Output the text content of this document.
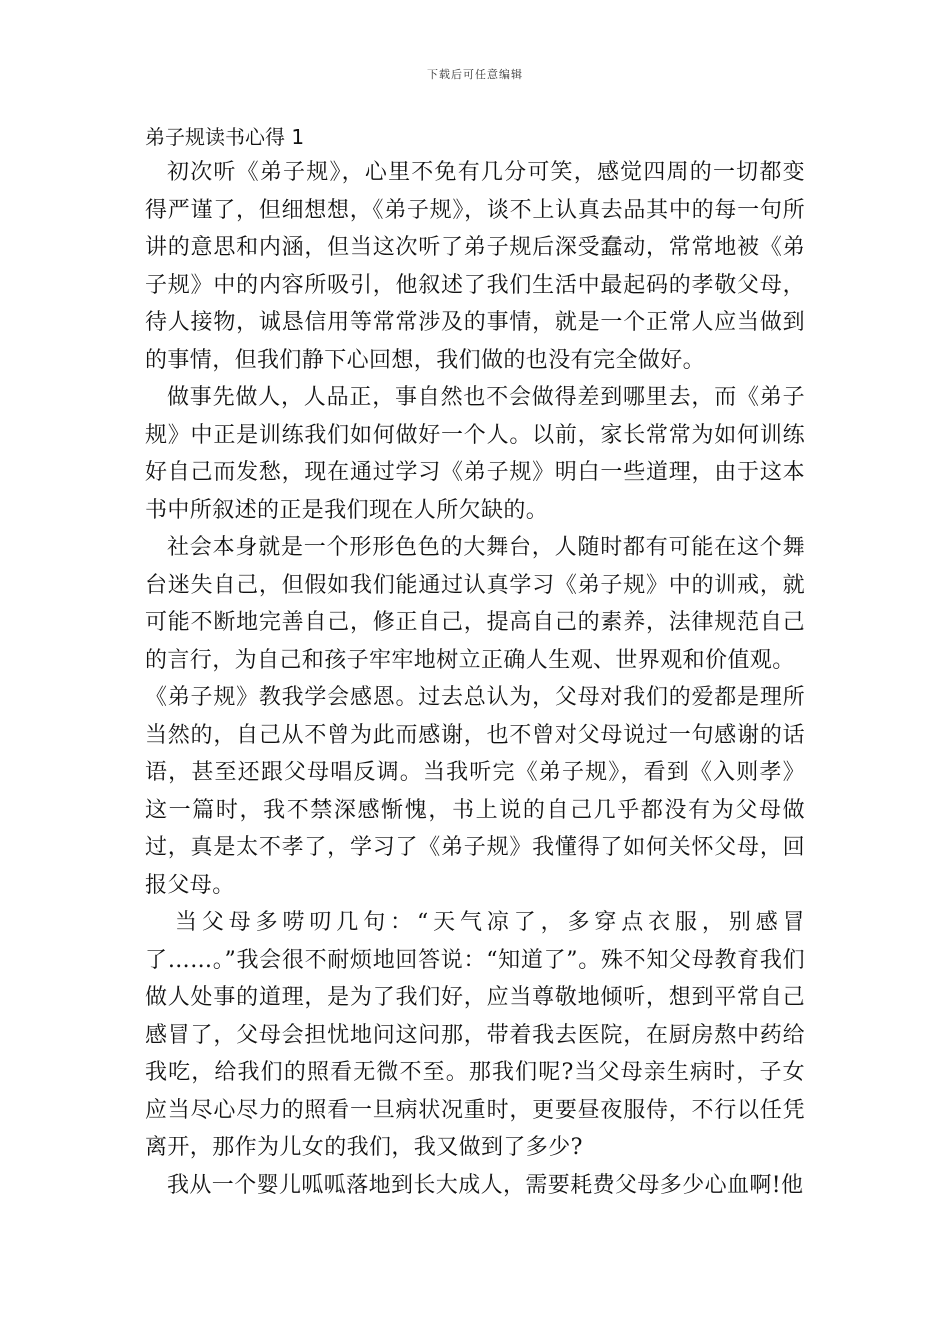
下载后可任意编辑
弟子规读书心得 1

初次听《弟子规》，心里不免有几分可笑，感觉四周的一切都变得严谨了，但细想想，《弟子规》，谈不上认真去品其中的每一句所讲的意思和内涵，但当这次听了弟子规后深受蠢动，常常地被《弟子规》中的内容所吸引，他叙述了我们生活中最起码的孝敬父母，待人接物，诚恳信用等常常涉及的事情，就是一个正常人应当做到的事情，但我们静下心回想，我们做的也没有完全做好。

做事先做人，人品正，事自然也不会做得差到哪里去，而《弟子规》中正是训练我们如何做好一个人。以前，家长常常为如何训练好自己而发愁，现在通过学习《弟子规》明白一些道理，由于这本书中所叙述的正是我们现在人所欠缺的。

社会本身就是一个形形色色的大舞台，人随时都有可能在这个舞台迷失自己，但假如我们能通过认真学习《弟子规》中的训戒，就可能不断地完善自己，修正自己，提高自己的素养，法律规范自己的言行，为自己和孩子牢牢地树立正确人生观、世界观和价值观。

《弟子规》教我学会感恩。过去总认为，父母对我们的爱都是理所当然的，自己从不曾为此而感谢，也不曾对父母说过一句感谢的话语，甚至还跟父母唱反调。当我听完《弟子规》，看到《入则孝》这一篇时，我不禁深感惭愧，书上说的自己几乎都没有为父母做过，真是太不孝了，学习了《弟子规》我懂得了如何关怀父母，回报父母。

当父母多唠叨几句：“天气凉了，多穿点衣服，别感冒了……。”我会很不耐烦地回答说：“知道了”。殊不知父母教育我们做人处事的道理，是为了我们好，应当尊敬地倾听，想到平常自己感冒了，父母会担忧地问这问那，带着我去医院，在厨房熬中药给我吃，给我们的照看无微不至。那我们呢?当父母亲生病时，子女应当尽心尽力的照看一旦病状况重时，更要昼夜服侍，不行以任凭离开，那作为儿女的我们，我又做到了多少?

我从一个婴儿呱呱落地到长大成人，需要耗费父母多少心血啊!他
